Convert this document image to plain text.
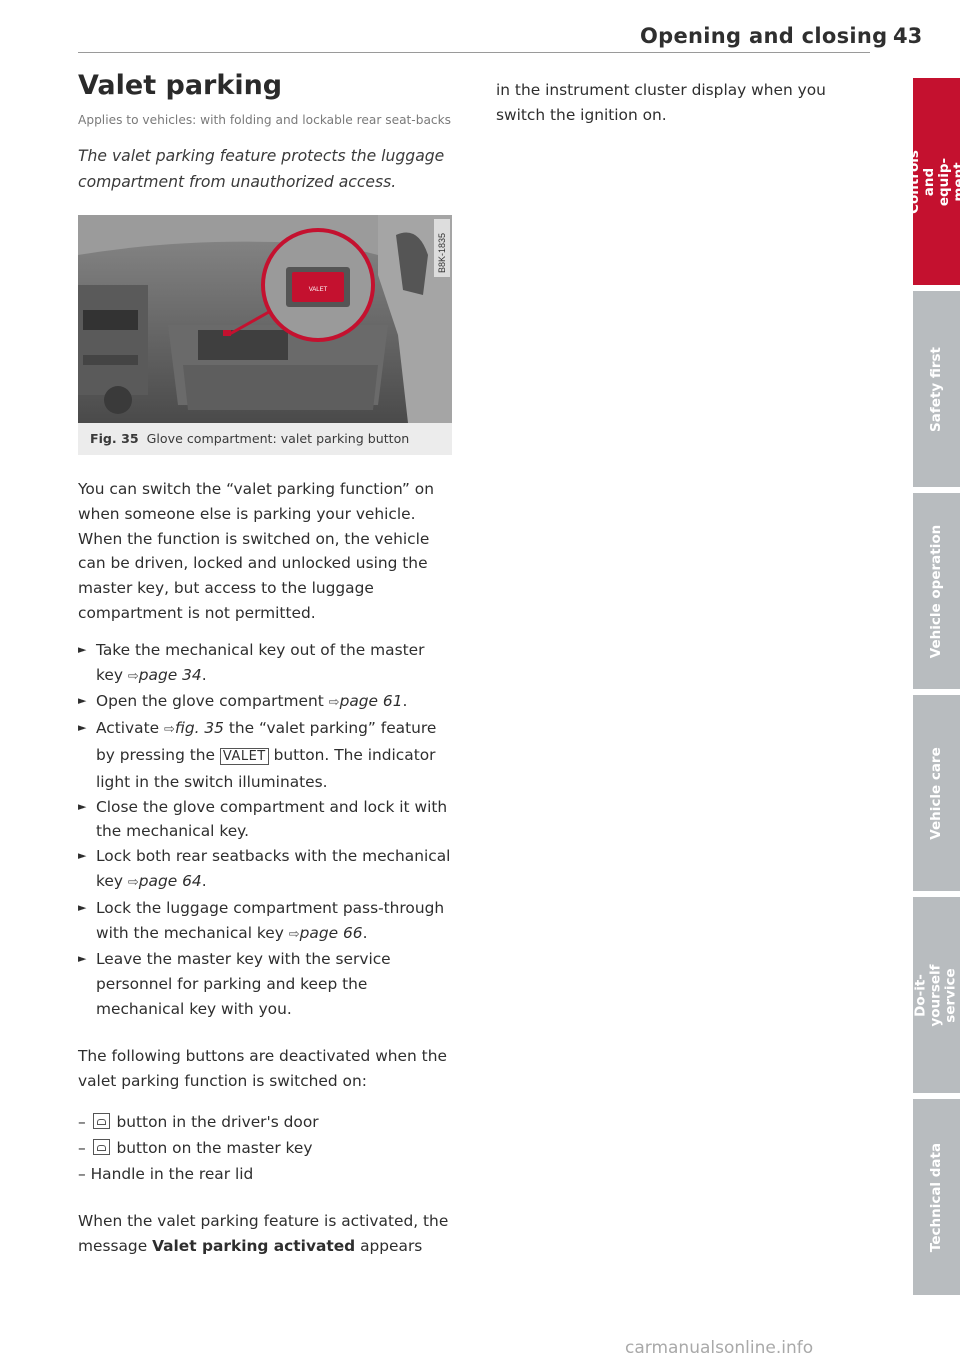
Opening and closing 43
Valet parking
Applies to vehicles: with folding and lockable rear seat-backs
The valet parking feature protects the luggage compartment from unauthorized access.
VALET
B8K-1835
Fig. 35 Glove compartment: valet parking button
You can switch the “valet parking function” on when someone else is parking your vehicle. When the function is switched on, the vehicle can be driven, locked and unlocked using the master key, but access to the luggage compartment is not permitted.
► Take the mechanical key out of the master key ⇨page 34.
► Open the glove compartment ⇨page 61.
► Activate ⇨fig. 35 the “valet parking” feature by pressing the VALET button. The indicator light in the switch illuminates.
► Close the glove compartment and lock it with the mechanical key.
► Lock both rear seatbacks with the mechanical key ⇨page 64.
► Lock the luggage compartment pass-through with the mechanical key ⇨page 66.
► Leave the master key with the service personnel for parking and keep the mechanical key with you.
The following buttons are deactivated when the valet parking function is switched on:
–  button in the driver's door
–  button on the master key
– Handle in the rear lid
When the valet parking feature is activated, the message Valet parking activated appears
in the instrument cluster display when you switch the ignition on.
Controls and equip-ment
Safety first
Vehicle operation
Vehicle care
Do-it-yourself service
Technical data
carmanualsonline.info
